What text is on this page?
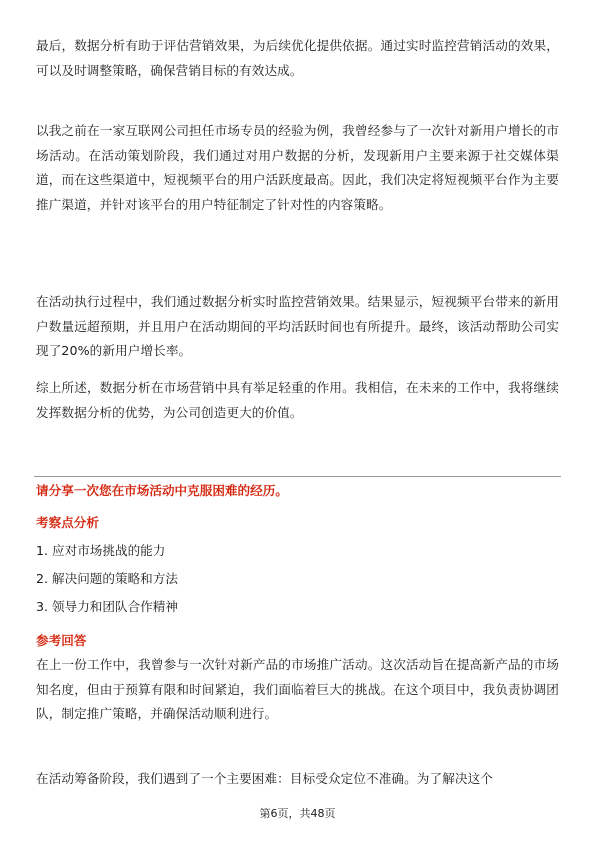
最后，数据分析有助于评估营销效果，为后续优化提供依据。通过实时监控营销活动的效果，可以及时调整策略，确保营销目标的有效达成。

以我之前在一家互联网公司担任市场专员的经验为例，我曾经参与了一次针对新用户增长的市场活动。在活动策划阶段，我们通过对用户数据的分析，发现新用户主要来源于社交媒体渠道，而在这些渠道中，短视频平台的用户活跃度最高。因此，我们决定将短视频平台作为主要推广渠道，并针对该平台的用户特征制定了针对性的内容策略。

在活动执行过程中，我们通过数据分析实时监控营销效果。结果显示，短视频平台带来的新用户数量远超预期，并且用户在活动期间的平均活跃时间也有所提升。最终，该活动帮助公司实现了20%的新用户增长率。

综上所述，数据分析在市场营销中具有举足轻重的作用。我相信，在未来的工作中，我将继续发挥数据分析的优势，为公司创造更大的价值。

请分享一次您在市场活动中克服困难的经历。

考察点分析

1. 应对市场挑战的能力

2. 解决问题的策略和方法

3. 领导力和团队合作精神

参考回答

在上一份工作中，我曾参与一次针对新产品的市场推广活动。这次活动旨在提高新产品的市场知名度，但由于预算有限和时间紧迫，我们面临着巨大的挑战。在这个项目中，我负责协调团队，制定推广策略，并确保活动顺利进行。

在活动筹备阶段，我们遇到了一个主要困难：目标受众定位不准确。为了解决这个

第6页，共48页
